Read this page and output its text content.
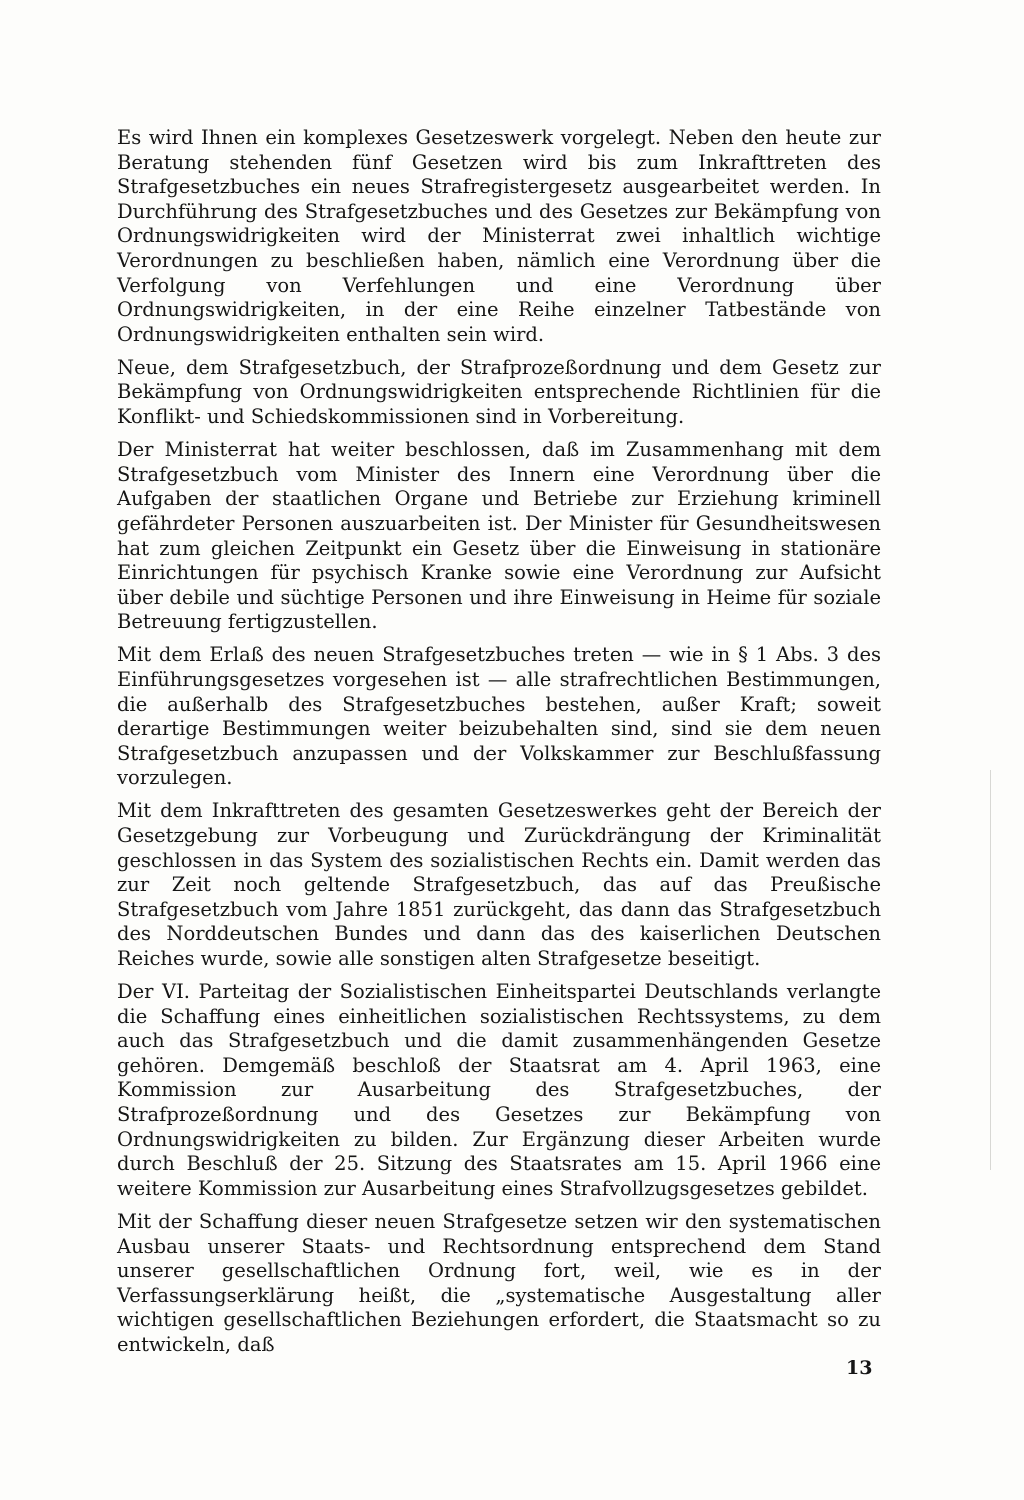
Es wird Ihnen ein komplexes Gesetzeswerk vorgelegt. Neben den heute zur Beratung stehenden fünf Gesetzen wird bis zum Inkrafttreten des Strafgesetzbuches ein neues Strafregistergesetz ausgearbeitet werden. In Durchführung des Strafgesetzbuches und des Gesetzes zur Bekämpfung von Ordnungswidrigkeiten wird der Ministerrat zwei inhaltlich wichtige Verordnungen zu beschließen haben, nämlich eine Verordnung über die Verfolgung von Verfehlungen und eine Verordnung über Ordnungswidrigkeiten, in der eine Reihe einzelner Tatbestände von Ordnungswidrigkeiten enthalten sein wird.

Neue, dem Strafgesetzbuch, der Strafprozeßordnung und dem Gesetz zur Bekämpfung von Ordnungswidrigkeiten entsprechende Richtlinien für die Konflikt- und Schiedskommissionen sind in Vorbereitung.

Der Ministerrat hat weiter beschlossen, daß im Zusammenhang mit dem Strafgesetzbuch vom Minister des Innern eine Verordnung über die Aufgaben der staatlichen Organe und Betriebe zur Erziehung kriminell gefährdeter Personen auszuarbeiten ist. Der Minister für Gesundheitswesen hat zum gleichen Zeitpunkt ein Gesetz über die Einweisung in stationäre Einrichtungen für psychisch Kranke sowie eine Verordnung zur Aufsicht über debile und süchtige Personen und ihre Einweisung in Heime für soziale Betreuung fertigzustellen.

Mit dem Erlaß des neuen Strafgesetzbuches treten — wie in § 1 Abs. 3 des Einführungsgesetzes vorgesehen ist — alle strafrechtlichen Bestimmungen, die außerhalb des Strafgesetzbuches bestehen, außer Kraft; soweit derartige Bestimmungen weiter beizubehalten sind, sind sie dem neuen Strafgesetzbuch anzupassen und der Volkskammer zur Beschlußfassung vorzulegen.

Mit dem Inkrafttreten des gesamten Gesetzeswerkes geht der Bereich der Gesetzgebung zur Vorbeugung und Zurückdrängung der Kriminalität geschlossen in das System des sozialistischen Rechts ein. Damit werden das zur Zeit noch geltende Strafgesetzbuch, das auf das Preußische Strafgesetzbuch vom Jahre 1851 zurückgeht, das dann das Strafgesetzbuch des Norddeutschen Bundes und dann das des kaiserlichen Deutschen Reiches wurde, sowie alle sonstigen alten Strafgesetze beseitigt.

Der VI. Parteitag der Sozialistischen Einheitspartei Deutschlands verlangte die Schaffung eines einheitlichen sozialistischen Rechtssystems, zu dem auch das Strafgesetzbuch und die damit zusammenhängenden Gesetze gehören. Demgemäß beschloß der Staatsrat am 4. April 1963, eine Kommission zur Ausarbeitung des Strafgesetzbuches, der Strafprozeßordnung und des Gesetzes zur Bekämpfung von Ordnungswidrigkeiten zu bilden. Zur Ergänzung dieser Arbeiten wurde durch Beschluß der 25. Sitzung des Staatsrates am 15. April 1966 eine weitere Kommission zur Ausarbeitung eines Strafvollzugsgesetzes gebildet.

Mit der Schaffung dieser neuen Strafgesetze setzen wir den systematischen Ausbau unserer Staats- und Rechtsordnung entsprechend dem Stand unserer gesellschaftlichen Ordnung fort, weil, wie es in der Verfassungserklärung heißt, die „systematische Ausgestaltung aller wichtigen gesellschaftlichen Beziehungen erfordert, die Staatsmacht so zu entwickeln, daß

13
